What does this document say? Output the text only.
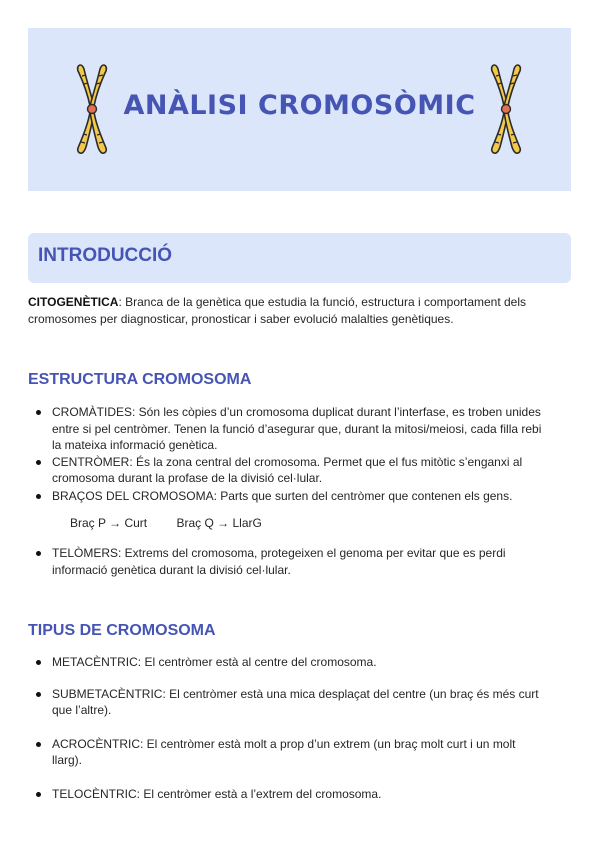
ANÀLISI CROMOSÒMIC
INTRODUCCIÓ

CITOGENÈTICA: Branca de la genètica que estudia la funció, estructura i comportament dels cromosomes per diagnosticar, pronosticar i saber evolució malalties genètiques.

ESTRUCTURA CROMOSOMA
CROMÀTIDES: Són les còpies d’un cromosoma duplicat durant l’interfase, es troben unides entre si pel centròmer. Tenen la funció d’asegurar que, durant la mitosi/meiosi, cada filla rebi la mateixa informació genètica.
CENTRÒMER: És la zona central del cromosoma. Permet que el fus mitòtic s’enganxi al cromosoma durant la profase de la divisió cel·lular.
BRAÇOS DEL CROMOSOMA: Parts que surten del centròmer que contenen els gens.
Braç P → Curt Braç Q → LlarG
TELÒMERS: Extrems del cromosoma, protegeixen el genoma per evitar que es perdi informació genètica durant la divisió cel·lular.
TIPUS DE CROMOSOMA
METACÈNTRIC: El centròmer està al centre del cromosoma.
SUBMETACÈNTRIC: El centròmer està una mica desplaçat del centre (un braç és més curt que l’altre).
ACROCÈNTRIC: El centròmer està molt a prop d’un extrem (un braç molt curt i un molt llarg).
TELOCÈNTRIC: El centròmer està a l’extrem del cromosoma.
